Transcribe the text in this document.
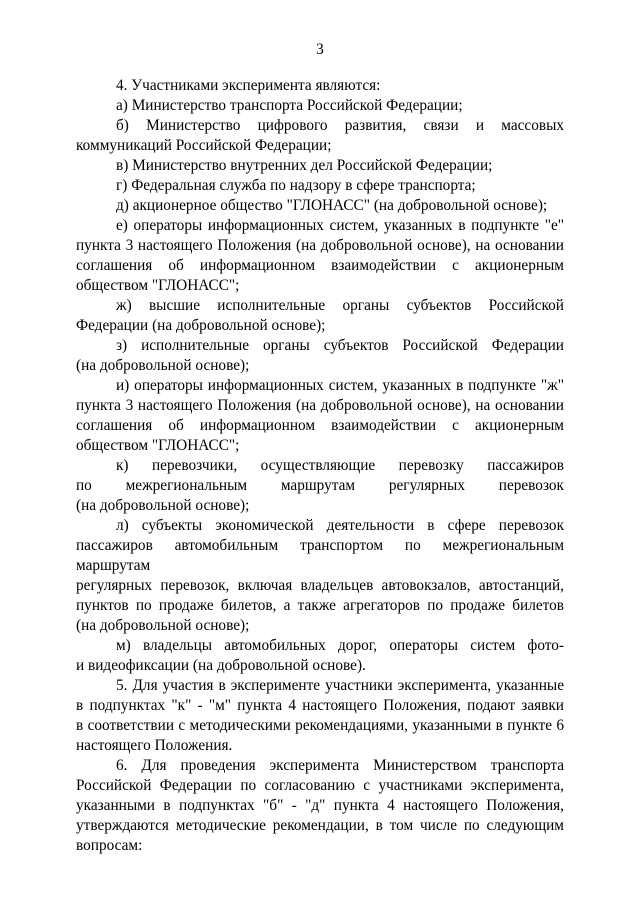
3
4. Участниками эксперимента являются:
а) Министерство транспорта Российской Федерации;
б) Министерство цифрового развития, связи и массовых
коммуникаций Российской Федерации;
в) Министерство внутренних дел Российской Федерации;
г) Федеральная служба по надзору в сфере транспорта;
д) акционерное общество "ГЛОНАСС" (на добровольной основе);
е) операторы информационных систем, указанных в подпункте "е"
пункта 3 настоящего Положения (на добровольной основе), на основании
соглашения об информационном взаимодействии с акционерным
обществом "ГЛОНАСС";
ж) высшие исполнительные органы субъектов Российской
Федерации (на добровольной основе);
з) исполнительные органы субъектов Российской Федерации
(на добровольной основе);
и) операторы информационных систем, указанных в подпункте "ж"
пункта 3 настоящего Положения (на добровольной основе), на основании
соглашения об информационном взаимодействии с акционерным
обществом "ГЛОНАСС";
к) перевозчики, осуществляющие перевозку пассажиров
по межрегиональным маршрутам регулярных перевозок
(на добровольной основе);
л) субъекты экономической деятельности в сфере перевозок
пассажиров автомобильным транспортом по межрегиональным маршрутам
регулярных перевозок, включая владельцев автовокзалов, автостанций,
пунктов по продаже билетов, а также агрегаторов по продаже билетов
(на добровольной основе);
м) владельцы автомобильных дорог, операторы систем фото-
и видеофиксации (на добровольной основе).
5. Для участия в эксперименте участники эксперимента, указанные
в подпунктах "к" - "м" пункта 4 настоящего Положения, подают заявки
в соответствии с методическими рекомендациями, указанными в пункте 6
настоящего Положения.
6. Для проведения эксперимента Министерством транспорта
Российской Федерации по согласованию с участниками эксперимента,
указанными в подпунктах "б" - "д" пункта 4 настоящего Положения,
утверждаются методические рекомендации, в том числе по следующим
вопросам:
